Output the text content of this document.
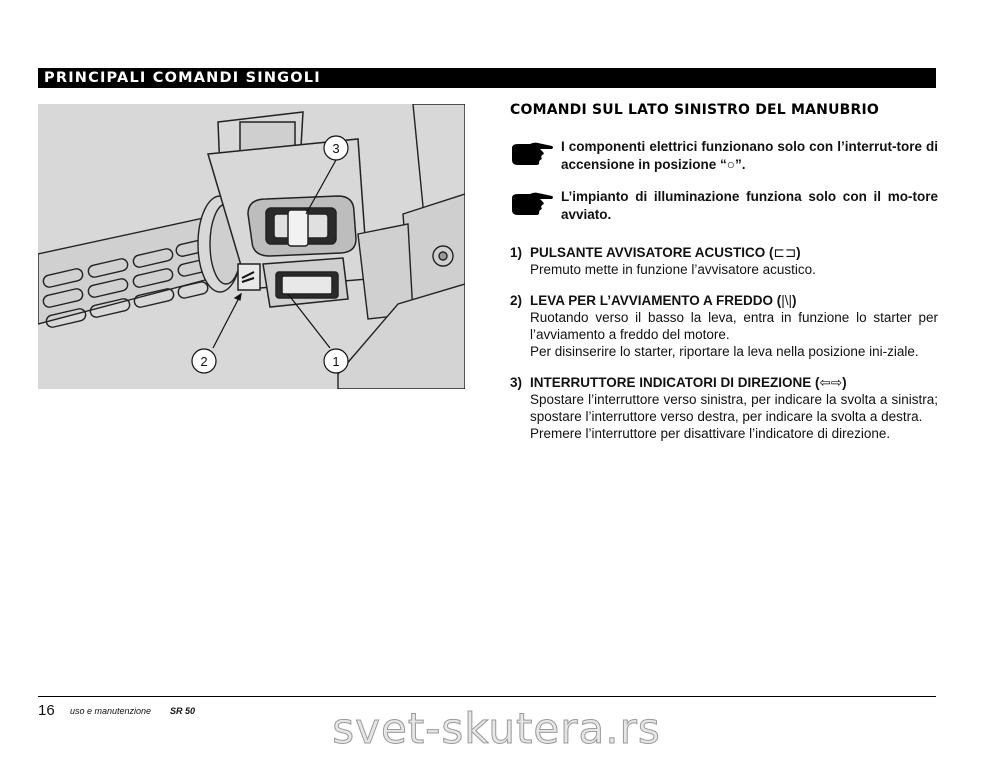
PRINCIPALI COMANDI SINGOLI
3
2	1
COMANDI SUL LATO SINISTRO DEL MANUBRIO
I componenti elettrici funzionano solo con l’interrut-tore di accensione in posizione “○”.
L’impianto di illuminazione funziona solo con il mo-tore avviato.
1) PULSANTE AVVISATORE ACUSTICO (⊏⊐)

Premuto mette in funzione l’avvisatore acustico.

2) LEVA PER L’AVVIAMENTO A FREDDO (|\|)

Ruotando verso il basso la leva, entra in funzione lo starter per l’avviamento a freddo del motore.

Per disinserire lo starter, riportare la leva nella posizione ini-ziale.

3) INTERRUTTORE INDICATORI DI DIREZIONE (⇦⇨)

Spostare l’interruttore verso sinistra, per indicare la svolta a sinistra; spostare l’interruttore verso destra, per indicare la svolta a destra.

Premere l’interruttore per disattivare l’indicatore di direzione.

16 uso e manutenzione SR 50	svet-skutera.rs
